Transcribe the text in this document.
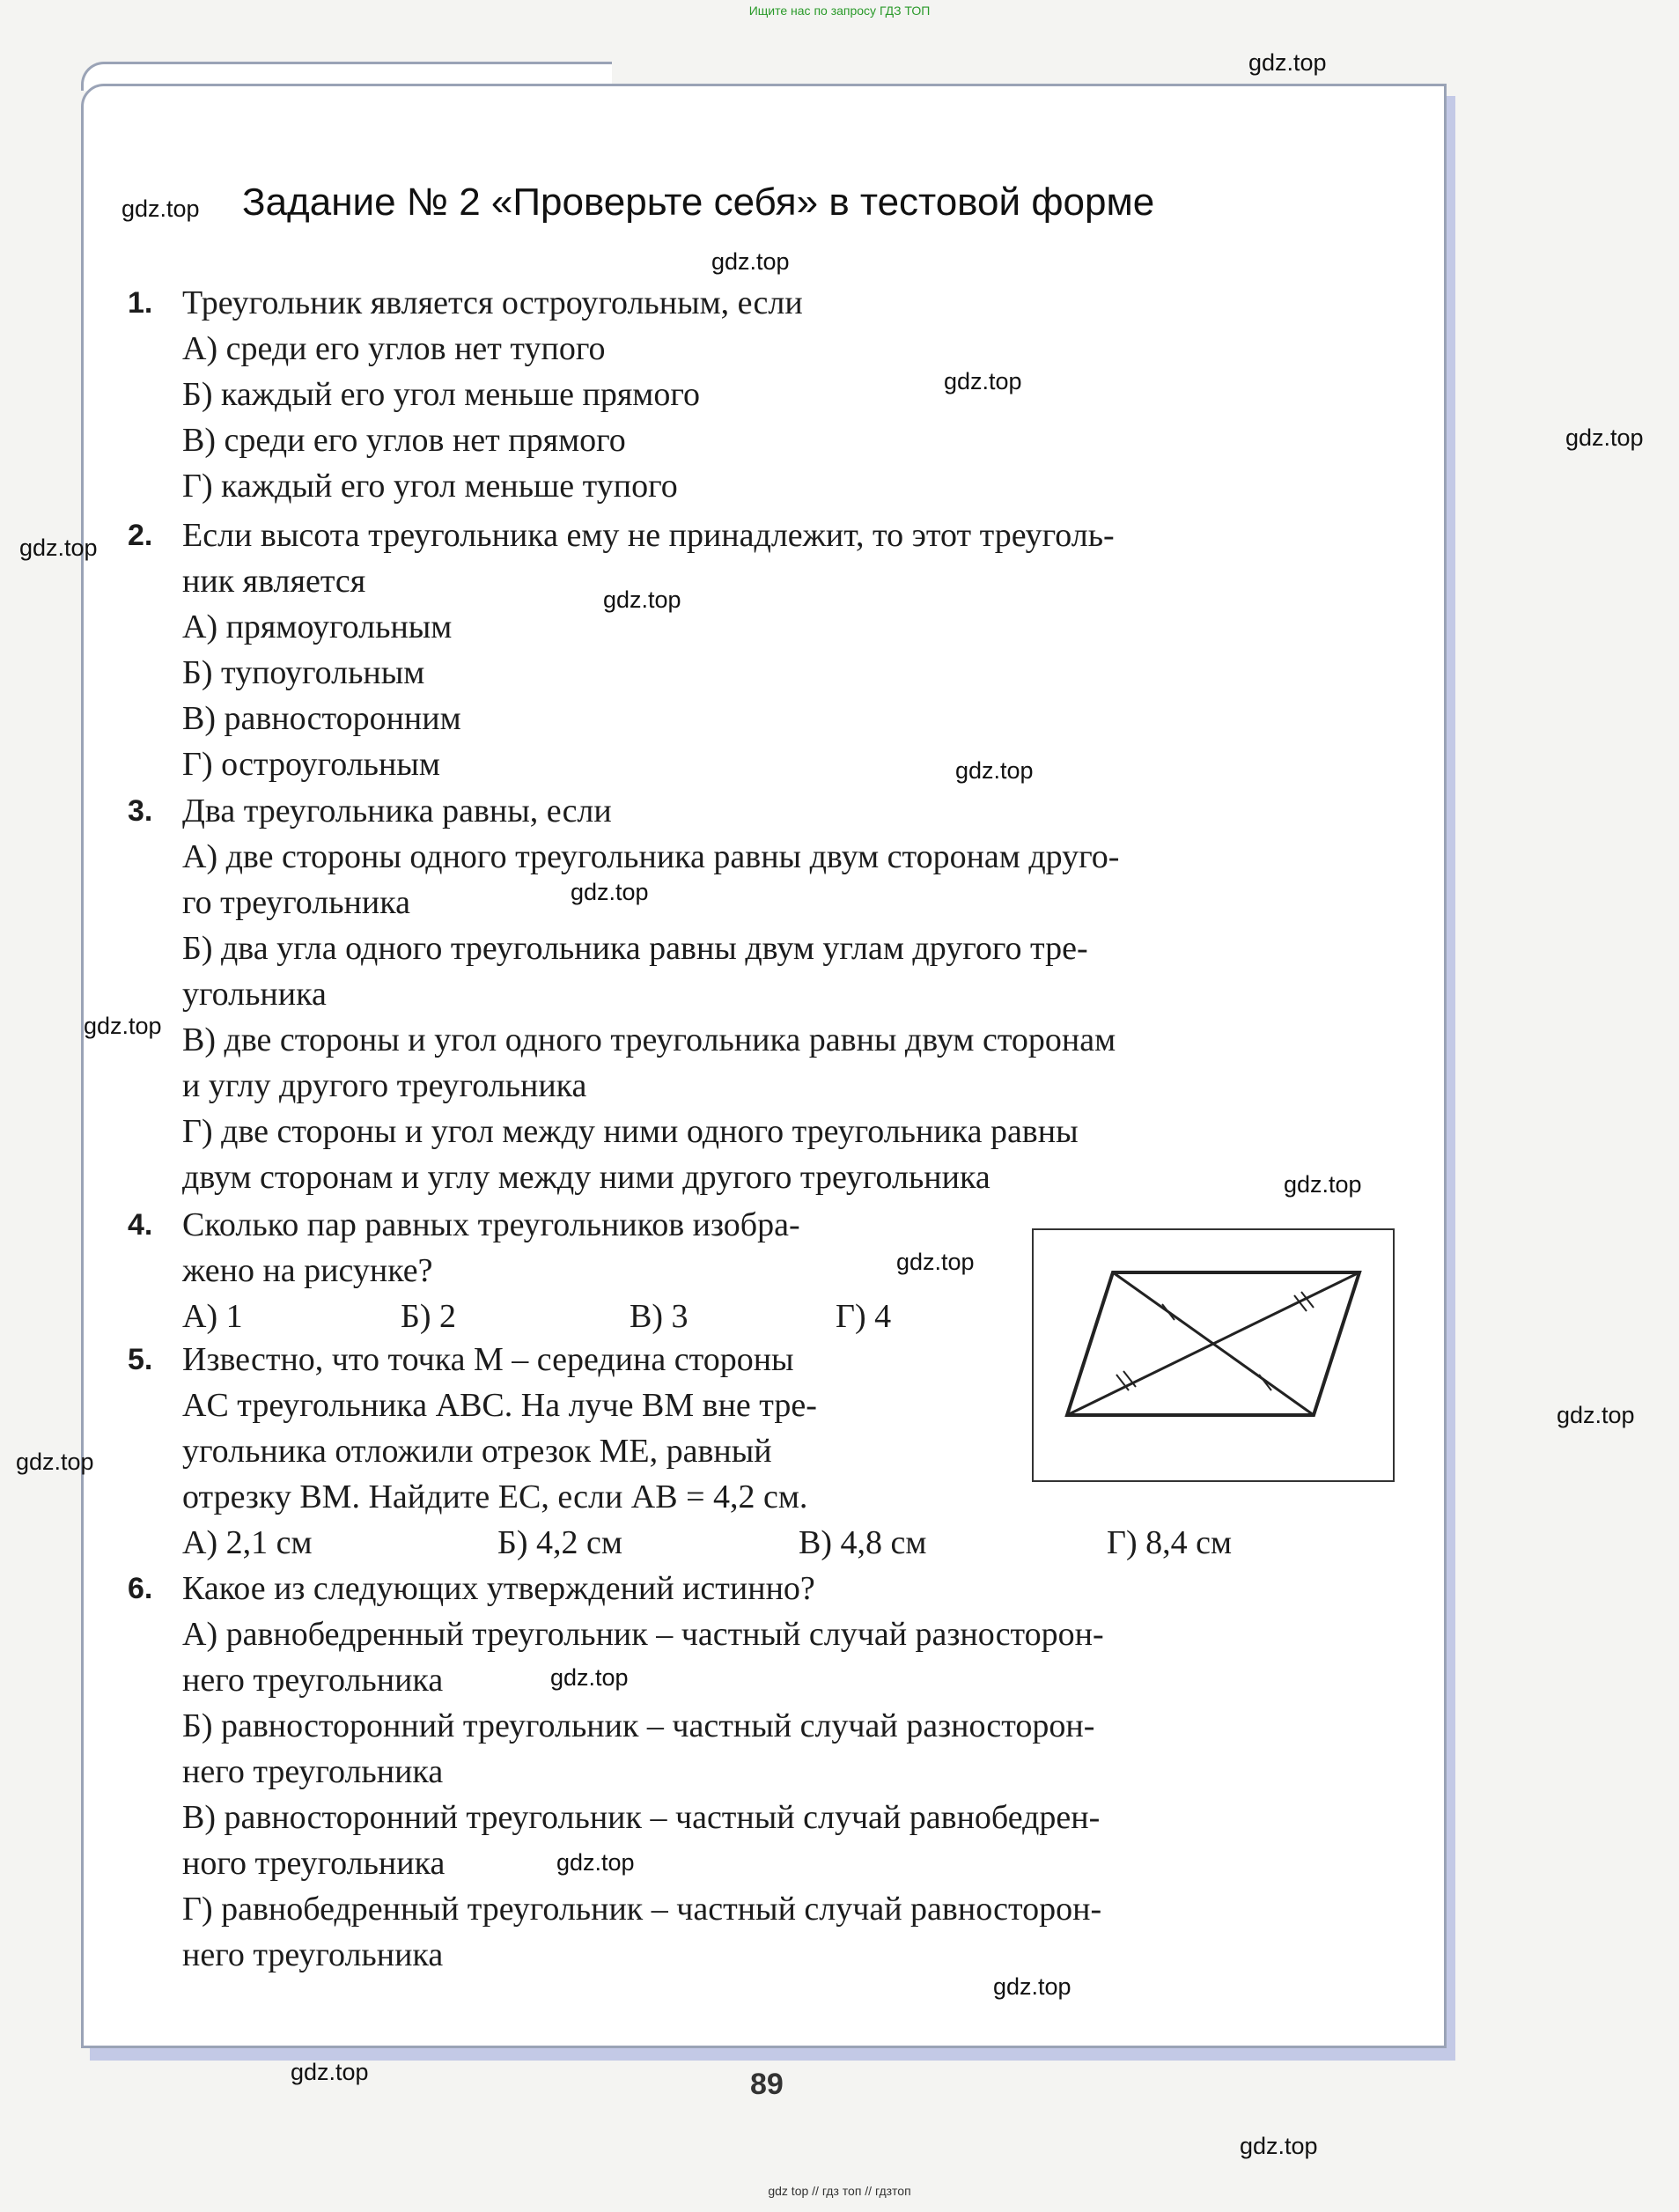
Ищите нас по запросу ГДЗ ТОП
Задание № 2 «Проверьте себя» в тестовой форме
1. Треугольник является остроугольным, если
А) среди его углов нет тупого
Б) каждый его угол меньше прямого
В) среди его углов нет прямого
Г) каждый его угол меньше тупого
2. Если высота треугольника ему не принадлежит, то этот треуголь-
ник является
А) прямоугольным
Б) тупоугольным
В) равносторонним
Г) остроугольным
3. Два треугольника равны, если
А) две стороны одного треугольника равны двум сторонам друго-
го треугольника
Б) два угла одного треугольника равны двум углам другого тре-
угольника
В) две стороны и угол одного треугольника равны двум сторонам
и углу другого треугольника
Г) две стороны и угол между ними одного треугольника равны
двум сторонам и углу между ними другого треугольника
4. Сколько пар равных треугольников изобра-
жено на рисунке?
А) 1	Б) 2	В) 3	Г) 4
5. Известно, что точка M – середина стороны
AC треугольника ABC. На луче BM вне тре-
угольника отложили отрезок ME, равный
отрезку BM. Найдите EC, если AB = 4,2 см.
А) 2,1 см	Б) 4,2 см	В) 4,8 см	Г) 8,4 см
6. Какое из следующих утверждений истинно?
А) равнобедренный треугольник – частный случай разносторон-
него треугольника
Б) равносторонний треугольник – частный случай разносторон-
него треугольника
В) равносторонний треугольник – частный случай равнобедрен-
ного треугольника
Г) равнобедренный треугольник – частный случай равносторон-
него треугольника
gdz.top
gdz.top
gdz.top
gdz.top
gdz.top
gdz.top
gdz.top
gdz.top
gdz.top
gdz.top
gdz.top
gdz.top
gdz.top
gdz.top
gdz.top
gdz.top
gdz.top
gdz.top
gdz.top
89
gdz top // гдз топ // гдзтоп
